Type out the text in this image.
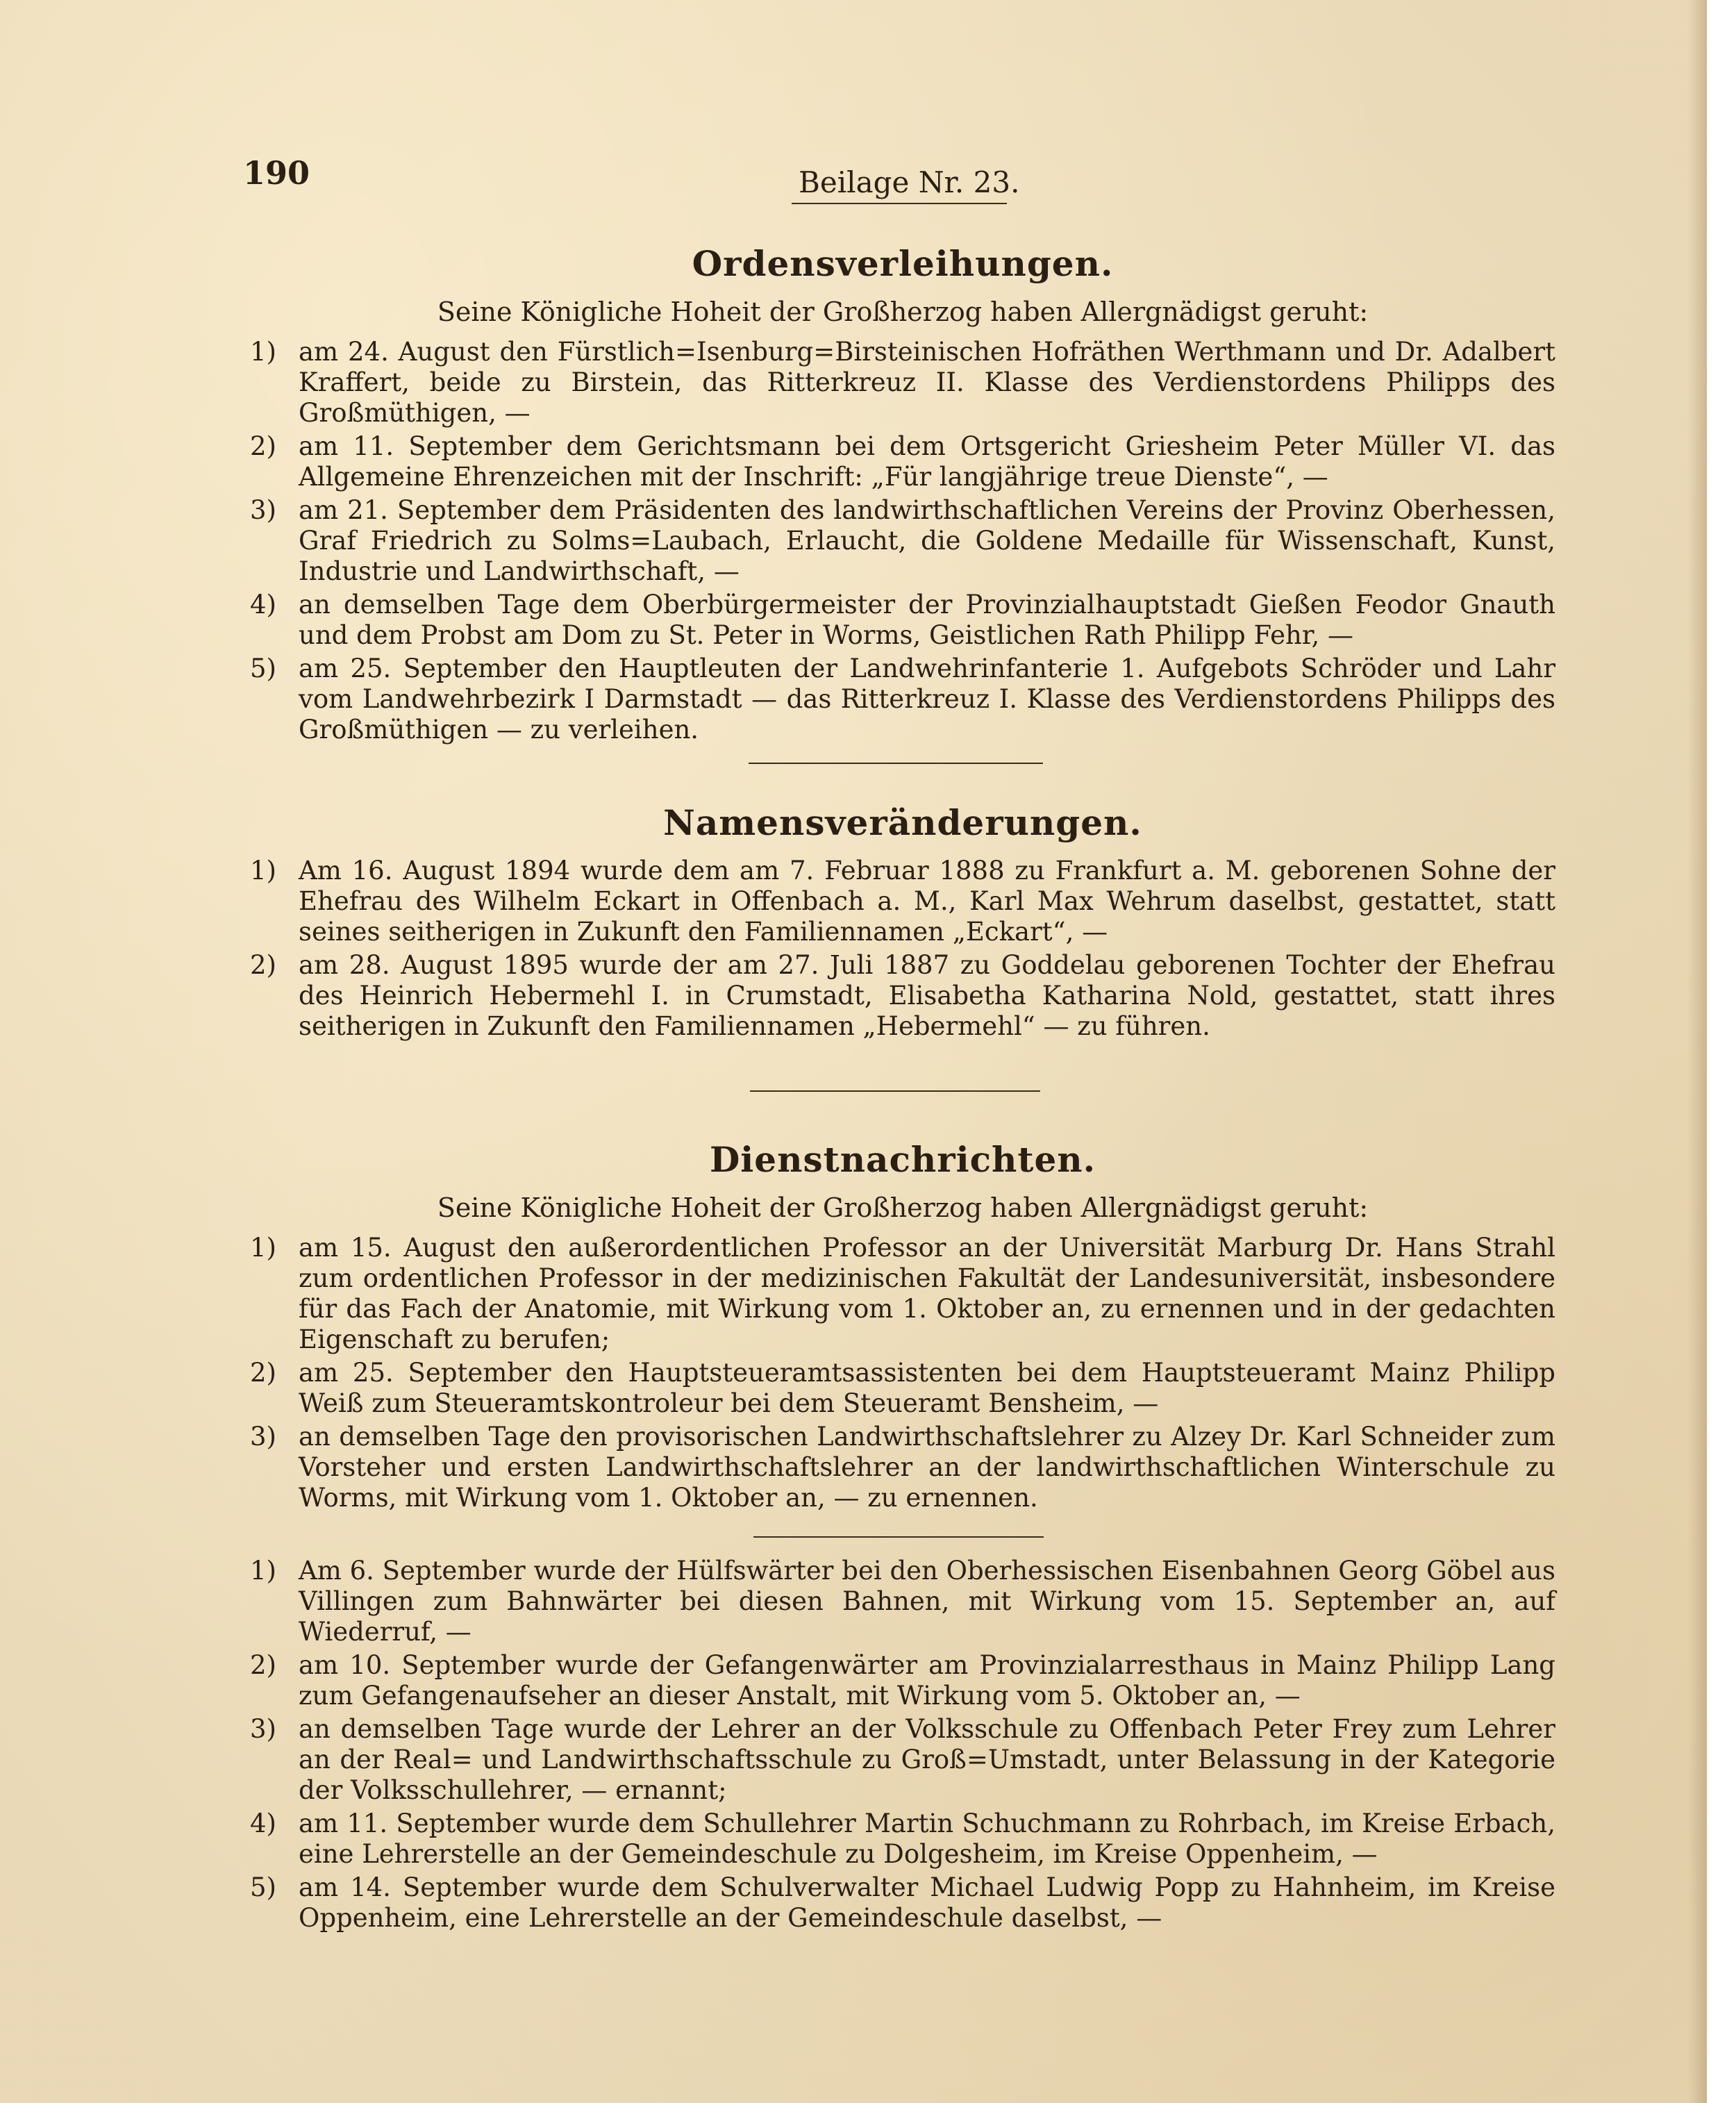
190	Beilage Nr. 23.
Ordensverleihungen.
Seine Königliche Hoheit der Großherzog haben Allergnädigst geruht:
1) am 24. August den Fürstlich=Isenburg=Birsteinischen Hofräthen Werthmann und Dr. Adalbert Kraffert, beide zu Birstein, das Ritterkreuz II. Klasse des Verdienstordens Philipps des Großmüthigen, —
2) am 11. September dem Gerichtsmann bei dem Ortsgericht Griesheim Peter Müller VI. das Allgemeine Ehrenzeichen mit der Inschrift: „Für langjährige treue Dienste“, —
3) am 21. September dem Präsidenten des landwirthschaftlichen Vereins der Provinz Oberhessen, Graf Friedrich zu Solms=Laubach, Erlaucht, die Goldene Medaille für Wissenschaft, Kunst, Industrie und Landwirthschaft, —
4) an demselben Tage dem Oberbürgermeister der Provinzialhauptstadt Gießen Feodor Gnauth und dem Probst am Dom zu St. Peter in Worms, Geistlichen Rath Philipp Fehr, —
5) am 25. September den Hauptleuten der Landwehrinfanterie 1. Aufgebots Schröder und Lahr vom Landwehrbezirk I Darmstadt — das Ritterkreuz I. Klasse des Verdienstordens Philipps des Großmüthigen — zu verleihen.
Namensveränderungen.
1) Am 16. August 1894 wurde dem am 7. Februar 1888 zu Frankfurt a. M. geborenen Sohne der Ehefrau des Wilhelm Eckart in Offenbach a. M., Karl Max Wehrum daselbst, gestattet, statt seines seitherigen in Zukunft den Familiennamen „Eckart“, —
2) am 28. August 1895 wurde der am 27. Juli 1887 zu Goddelau geborenen Tochter der Ehefrau des Heinrich Hebermehl I. in Crumstadt, Elisabetha Katharina Nold, gestattet, statt ihres seitherigen in Zukunft den Familiennamen „Hebermehl“ — zu führen.
Dienstnachrichten.
Seine Königliche Hoheit der Großherzog haben Allergnädigst geruht:
1) am 15. August den außerordentlichen Professor an der Universität Marburg Dr. Hans Strahl zum ordentlichen Professor in der medizinischen Fakultät der Landesuniversität, insbesondere für das Fach der Anatomie, mit Wirkung vom 1. Oktober an, zu ernennen und in der gedachten Eigenschaft zu berufen;
2) am 25. September den Hauptsteueramtsassistenten bei dem Hauptsteueramt Mainz Philipp Weiß zum Steueramtskontroleur bei dem Steueramt Bensheim, —
3) an demselben Tage den provisorischen Landwirthschaftslehrer zu Alzey Dr. Karl Schneider zum Vorsteher und ersten Landwirthschaftslehrer an der landwirthschaftlichen Winterschule zu Worms, mit Wirkung vom 1. Oktober an, — zu ernennen.
1) Am 6. September wurde der Hülfswärter bei den Oberhessischen Eisenbahnen Georg Göbel aus Villingen zum Bahnwärter bei diesen Bahnen, mit Wirkung vom 15. September an, auf Wiederruf, —
2) am 10. September wurde der Gefangenwärter am Provinzialarresthaus in Mainz Philipp Lang zum Gefangenaufseher an dieser Anstalt, mit Wirkung vom 5. Oktober an, —
3) an demselben Tage wurde der Lehrer an der Volksschule zu Offenbach Peter Frey zum Lehrer an der Real= und Landwirthschaftsschule zu Groß=Umstadt, unter Belassung in der Kategorie der Volksschullehrer, — ernannt;
4) am 11. September wurde dem Schullehrer Martin Schuchmann zu Rohrbach, im Kreise Erbach, eine Lehrerstelle an der Gemeindeschule zu Dolgesheim, im Kreise Oppenheim, —
5) am 14. September wurde dem Schulverwalter Michael Ludwig Popp zu Hahnheim, im Kreise Oppenheim, eine Lehrerstelle an der Gemeindeschule daselbst, —
